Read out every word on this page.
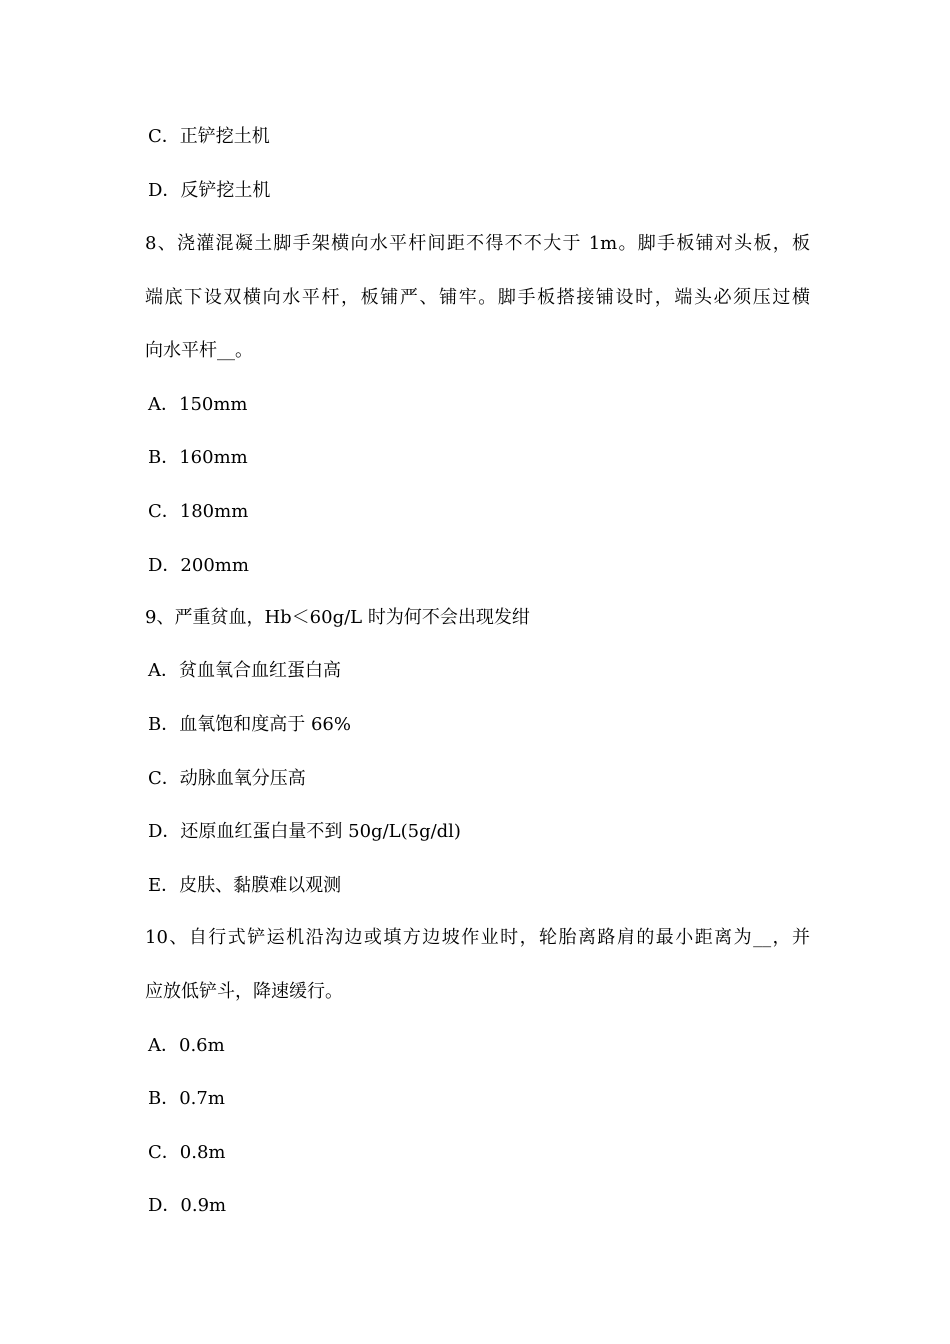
C．正铲挖土机
D．反铲挖土机
8、浇灌混凝土脚手架横向水平杆间距不得不不大于 1m。脚手板铺对头板，板
端底下设双横向水平杆，板铺严、铺牢。脚手板搭接铺设时，端头必须压过横
向水平杆__。
A．150mm
B．160mm
C．180mm
D．200mm
9、严重贫血，Hb＜60g/L 时为何不会出现发绀
A．贫血氧合血红蛋白高
B．血氧饱和度高于 66%
C．动脉血氧分压高
D．还原血红蛋白量不到 50g/L(5g/dl)
E．皮肤、黏膜难以观测
10、自行式铲运机沿沟边或填方边坡作业时，轮胎离路肩的最小距离为__，并
应放低铲斗，降速缓行。
A．0.6m
B．0.7m
C．0.8m
D．0.9m
